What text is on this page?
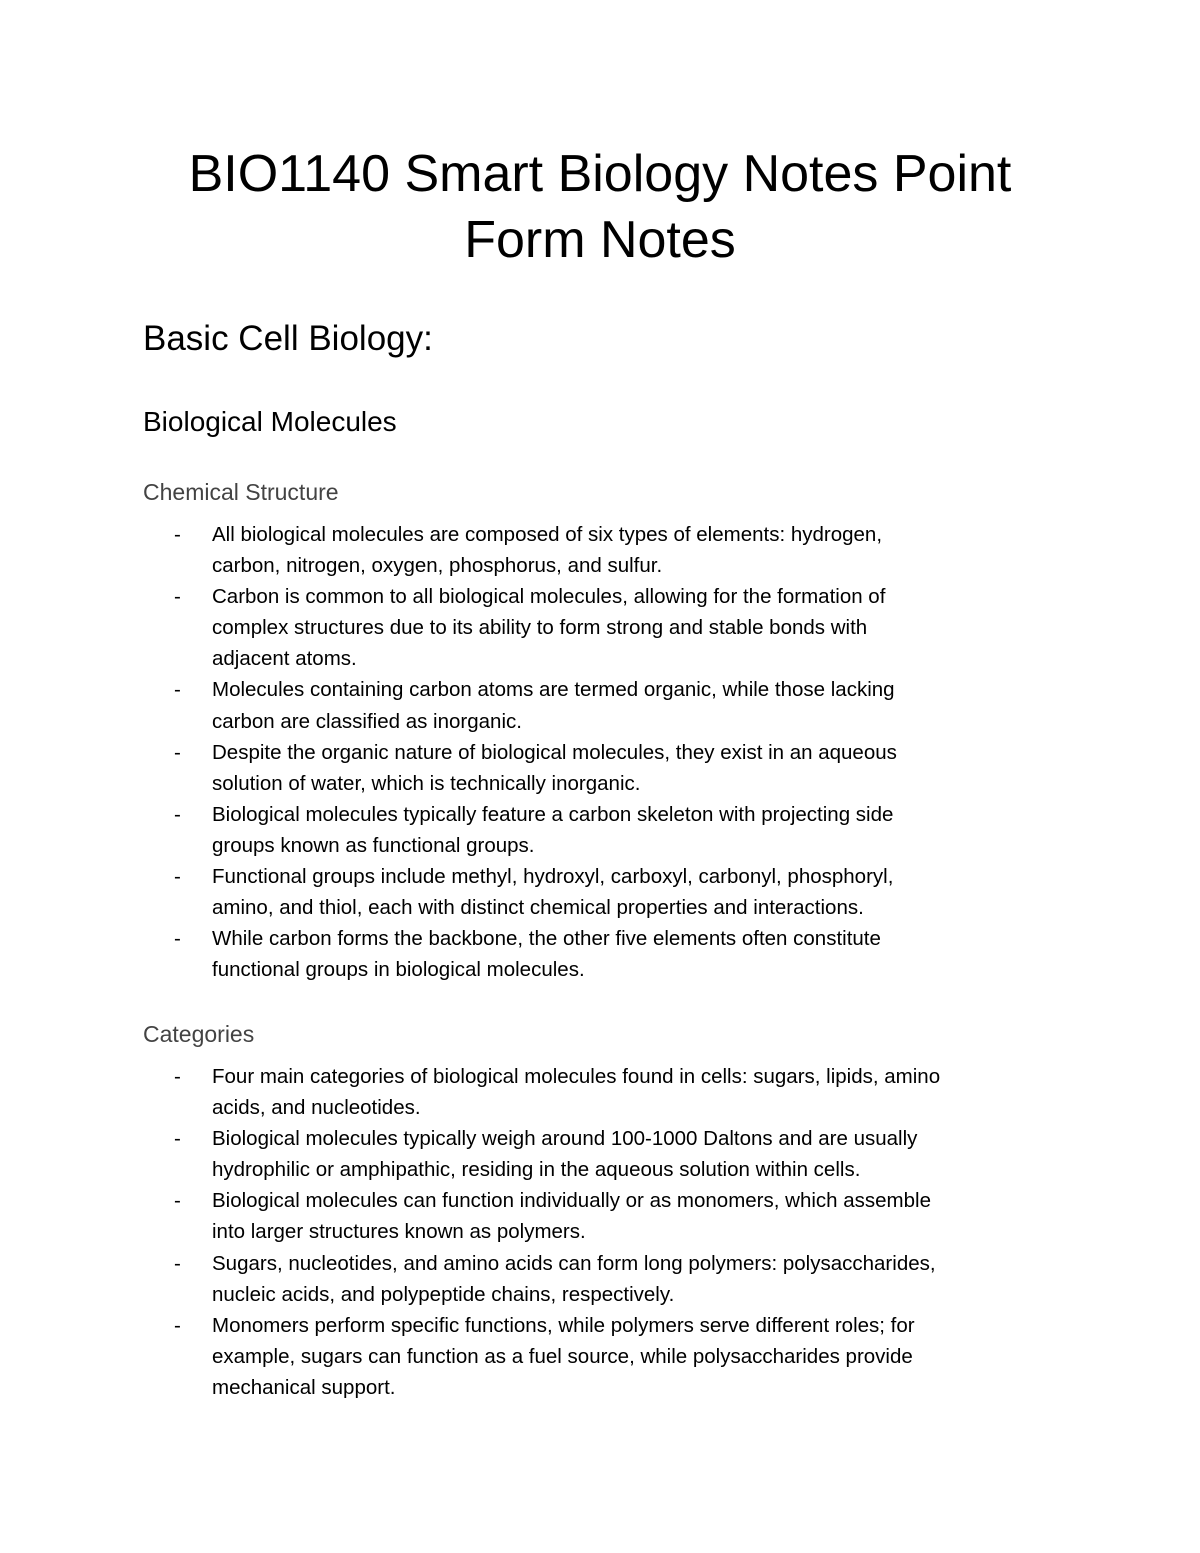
BIO1140 Smart Biology Notes Point
Form Notes
Basic Cell Biology:
Biological Molecules
Chemical Structure
-	All biological molecules are composed of six types of elements: hydrogen,
carbon, nitrogen, oxygen, phosphorus, and sulfur.
-	Carbon is common to all biological molecules, allowing for the formation of
complex structures due to its ability to form strong and stable bonds with
adjacent atoms.
-	Molecules containing carbon atoms are termed organic, while those lacking
carbon are classified as inorganic.
-	Despite the organic nature of biological molecules, they exist in an aqueous
solution of water, which is technically inorganic.
-	Biological molecules typically feature a carbon skeleton with projecting side
groups known as functional groups.
-	Functional groups include methyl, hydroxyl, carboxyl, carbonyl, phosphoryl,
amino, and thiol, each with distinct chemical properties and interactions.
-	While carbon forms the backbone, the other five elements often constitute
functional groups in biological molecules.
Categories
-	Four main categories of biological molecules found in cells: sugars, lipids, amino
acids, and nucleotides.
-	Biological molecules typically weigh around 100-1000 Daltons and are usually
hydrophilic or amphipathic, residing in the aqueous solution within cells.
-	Biological molecules can function individually or as monomers, which assemble
into larger structures known as polymers.
-	Sugars, nucleotides, and amino acids can form long polymers: polysaccharides,
nucleic acids, and polypeptide chains, respectively.
-	Monomers perform specific functions, while polymers serve different roles; for
example, sugars can function as a fuel source, while polysaccharides provide
mechanical support.
